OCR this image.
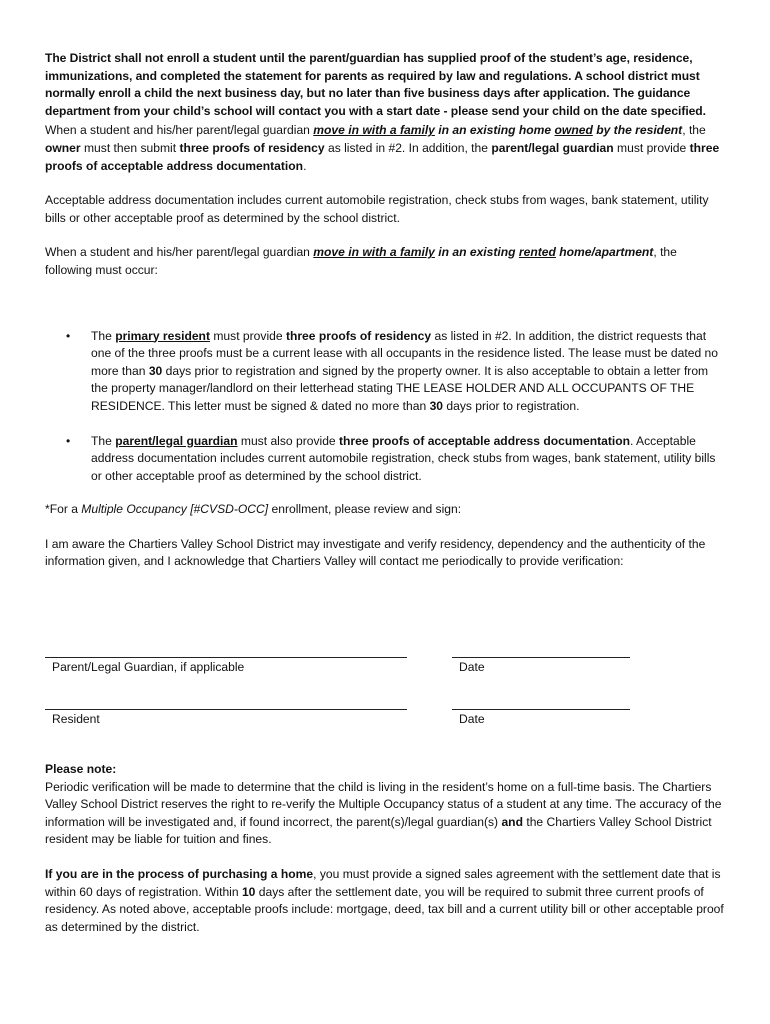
The District shall not enroll a student until the parent/guardian has supplied proof of the student’s age, residence, immunizations, and completed the statement for parents as required by law and regulations. A school district must normally enroll a child the next business day, but no later than five business days after application. The guidance department from your child’s school will contact you with a start date - please send your child on the date specified.

When a student and his/her parent/legal guardian move in with a family in an existing home owned by the resident, the owner must then submit three proofs of residency as listed in #2. In addition, the parent/legal guardian must provide three proofs of acceptable address documentation.

Acceptable address documentation includes current automobile registration, check stubs from wages, bank statement, utility bills or other acceptable proof as determined by the school district.

When a student and his/her parent/legal guardian move in with a family in an existing rented home/apartment, the following must occur:

• The primary resident must provide three proofs of residency as listed in #2. In addition, the district requests that one of the three proofs must be a current lease with all occupants in the residence listed. The lease must be dated no more than 30 days prior to registration and signed by the property owner. It is also acceptable to obtain a letter from the property manager/landlord on their letterhead stating THE LEASE HOLDER AND ALL OCCUPANTS OF THE RESIDENCE. This letter must be signed & dated no more than 30 days prior to registration.
• The parent/legal guardian must also provide three proofs of acceptable address documentation. Acceptable address documentation includes current automobile registration, check stubs from wages, bank statement, utility bills or other acceptable proof as determined by the school district.

*For a Multiple Occupancy [#CVSD-OCC] enrollment, please review and sign:

I am aware the Chartiers Valley School District may investigate and verify residency, dependency and the authenticity of the information given, and I acknowledge that Chartiers Valley will contact me periodically to provide verification:

Parent/Legal Guardian, if applicable	Date
Resident	Date

Please note:

Periodic verification will be made to determine that the child is living in the resident’s home on a full-time basis. The Chartiers Valley School District reserves the right to re-verify the Multiple Occupancy status of a student at any time. The accuracy of the information will be investigated and, if found incorrect, the parent(s)/legal guardian(s) and the Chartiers Valley School District resident may be liable for tuition and fines.

If you are in the process of purchasing a home, you must provide a signed sales agreement with the settlement date that is within 60 days of registration. Within 10 days after the settlement date, you will be required to submit three current proofs of residency. As noted above, acceptable proofs include: mortgage, deed, tax bill and a current utility bill or other acceptable proof as determined by the district.
